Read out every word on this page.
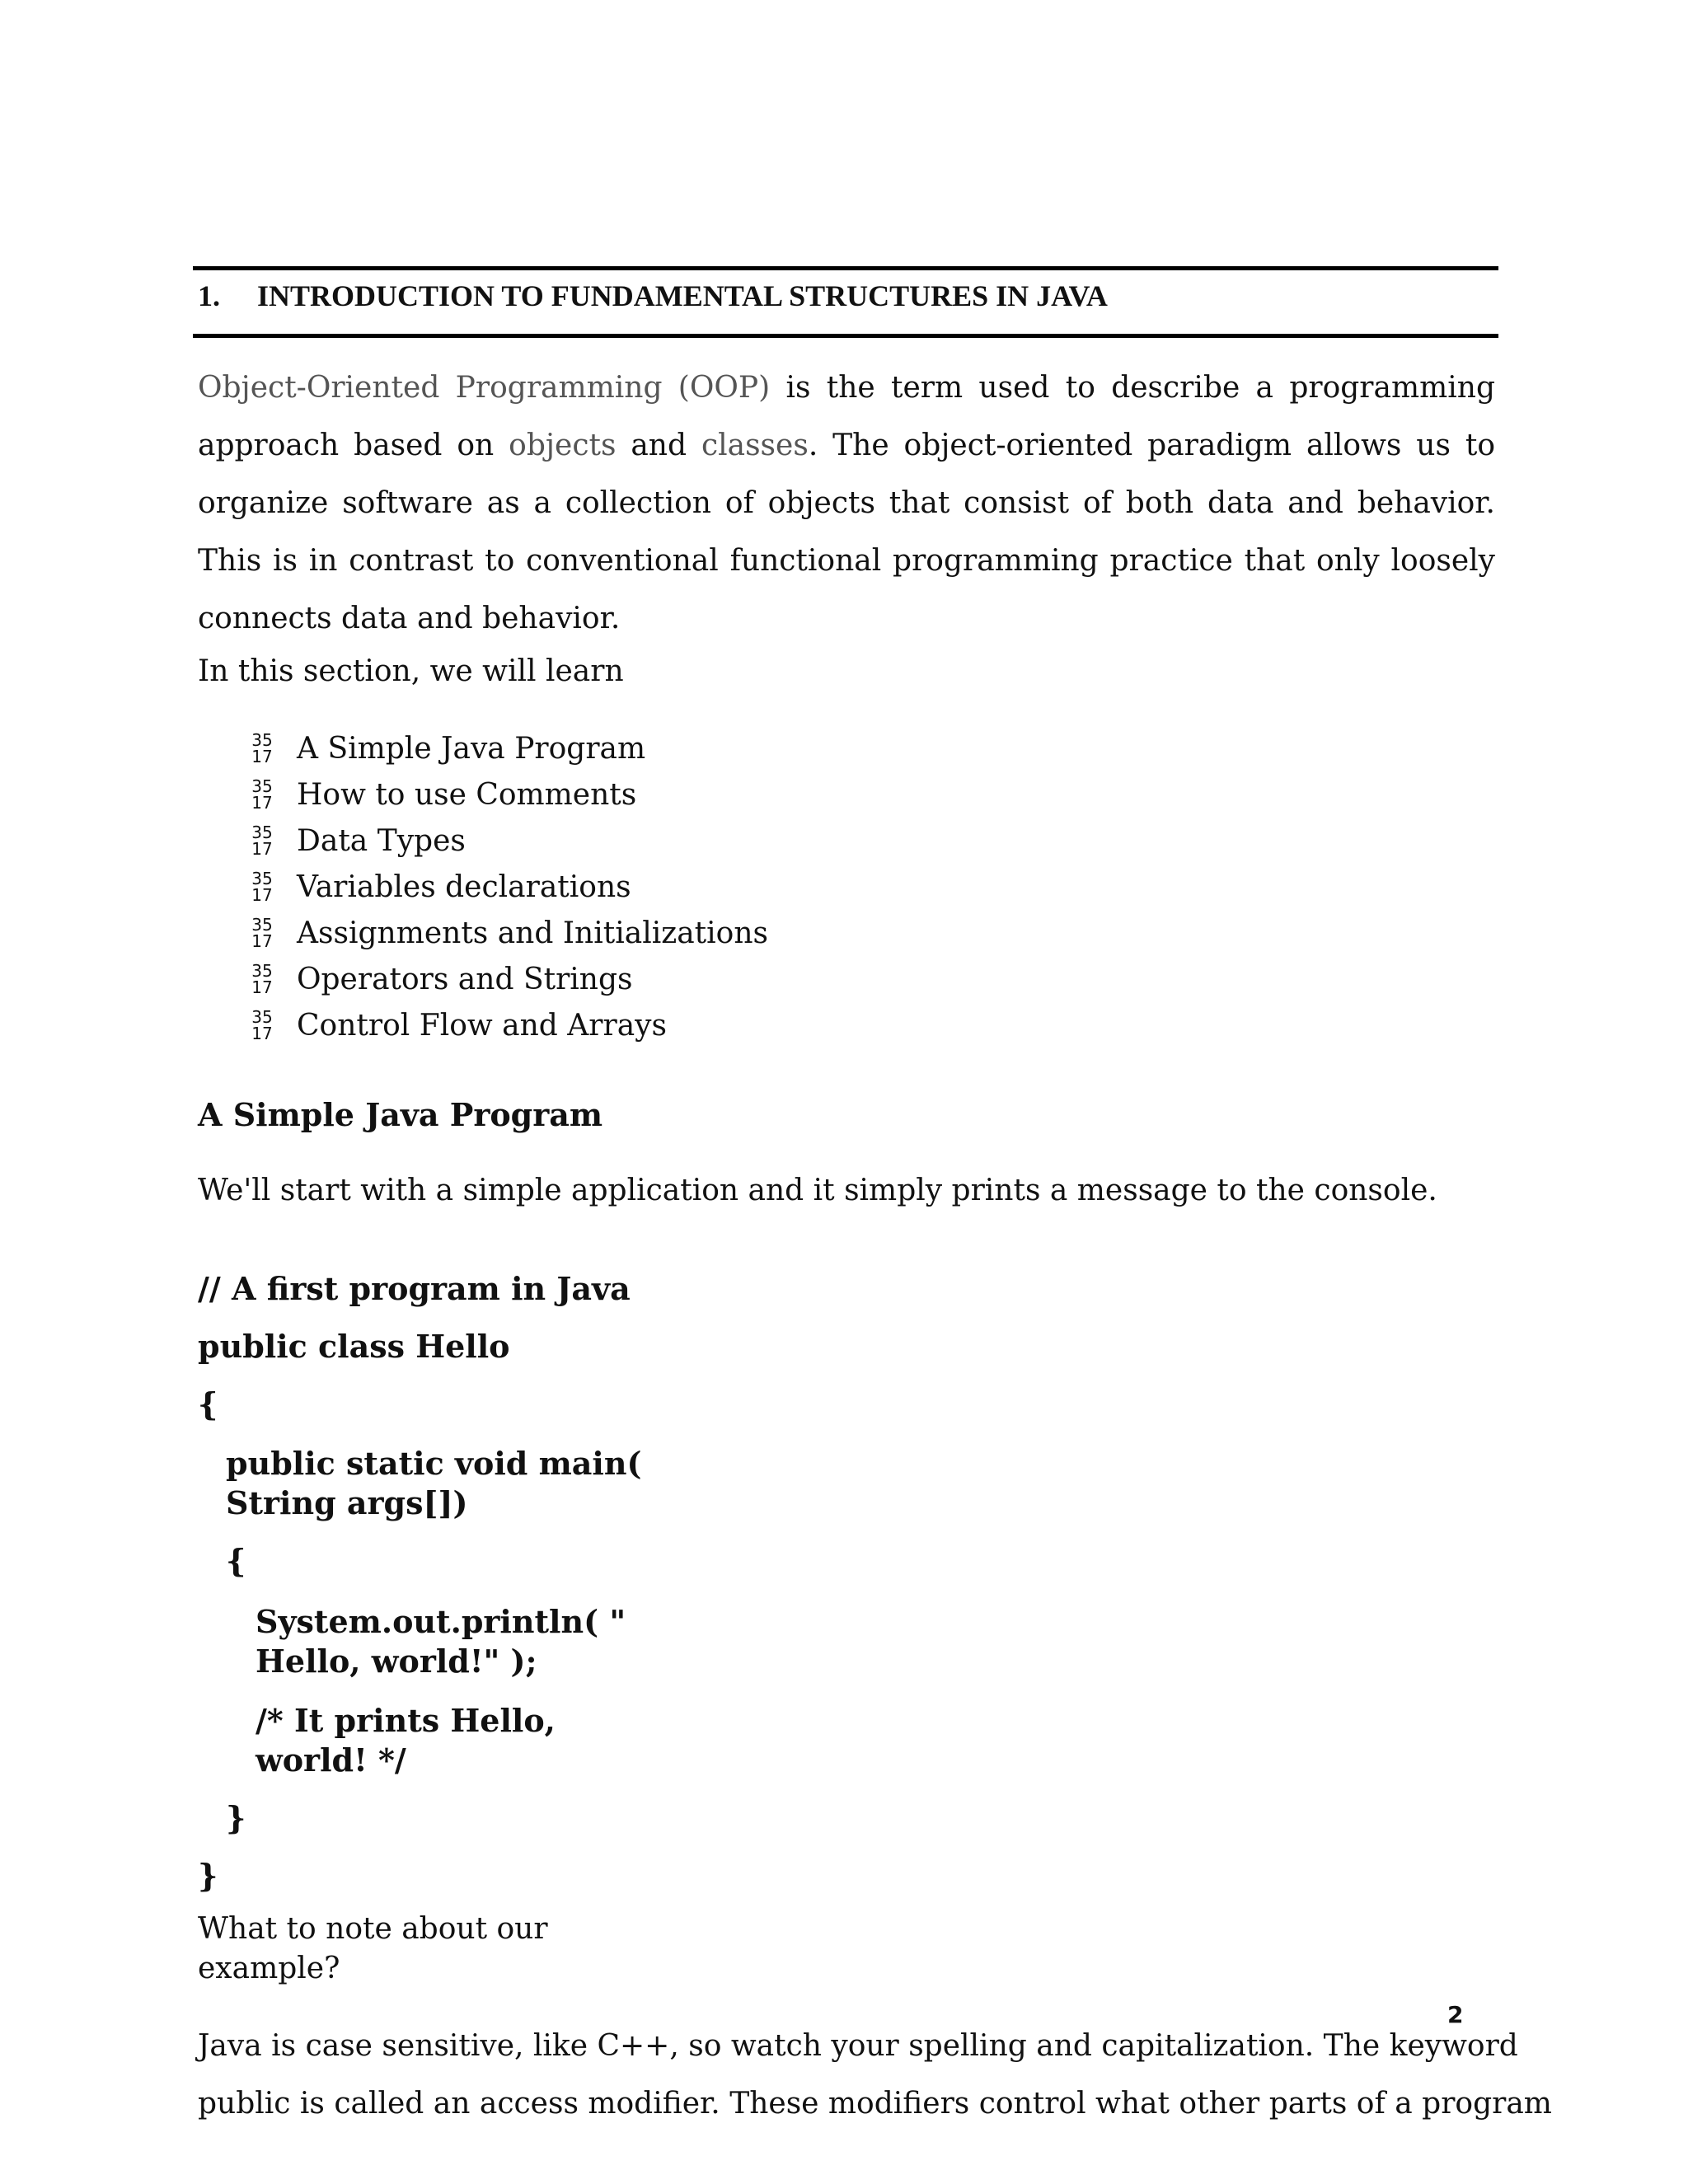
1. INTRODUCTION TO FUNDAMENTAL STRUCTURES IN JAVA
Object-Oriented Programming (OOP) is the term used to describe a programming approach based on objects and classes. The object-oriented paradigm allows us to organize software as a collection of objects that consist of both data and behavior. This is in contrast to conventional functional programming practice that only loosely connects data and behavior.
In this section, we will learn
35
17 A Simple Java Program
35
17 How to use Comments
35
17 Data Types
35
17 Variables declarations
35
17 Assignments and Initializations
35
17 Operators and Strings
35
17 Control Flow and Arrays
A Simple Java Program
We'll start with a simple application and it simply prints a message to the console.
// A first program in Java
public class Hello
{
public static void main(
String args[])
{
System.out.println( "
Hello, world!" );
/* It prints Hello,
world! */
}
}
What to note about our
example?
2
Java is case sensitive, like C++, so watch your spelling and capitalization. The keyword
public is called an access modifier. These modifiers control what other parts of a program
